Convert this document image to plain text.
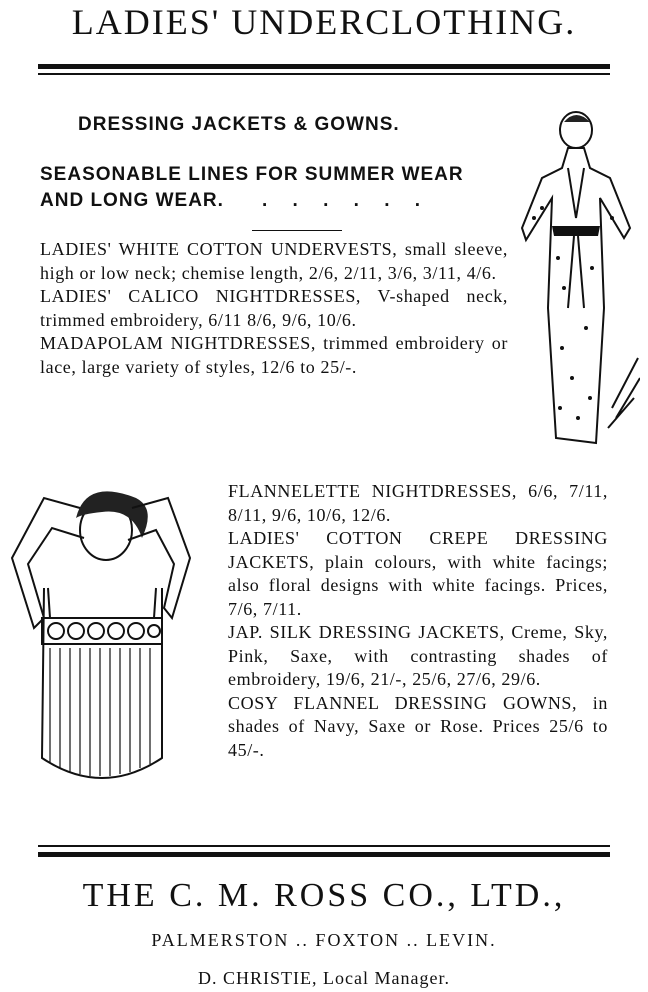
LADIES' UNDERCLOTHING.
DRESSING JACKETS & GOWNS.
SEASONABLE LINES FOR SUMMER WEAR
AND LONG WEAR. . . . . . .
LADIES' WHITE COTTON UNDERVESTS, small sleeve, high or low neck; chemise length, 2/6, 2/11, 3/6, 3/11, 4/6.
LADIES' CALICO NIGHTDRESSES, V-shaped neck, trimmed embroidery, 6/11 8/6, 9/6, 10/6.
MADAPOLAM NIGHTDRESSES, trimmed embroidery or lace, large variety of styles, 12/6 to 25/-.
FLANNELETTE NIGHTDRESSES, 6/6, 7/11, 8/11, 9/6, 10/6, 12/6.
LADIES' COTTON CREPE DRESSING JACKETS, plain colours, with white facings; also floral designs with white facings. Prices, 7/6, 7/11.
JAP. SILK DRESSING JACKETS, Creme, Sky, Pink, Saxe, with contrasting shades of embroidery, 19/6, 21/-, 25/6, 27/6, 29/6.
COSY FLANNEL DRESSING GOWNS, in shades of Navy, Saxe or Rose. Prices 25/6 to 45/-.
THE C. M. ROSS CO., LTD.,
PALMERSTON .. FOXTON .. LEVIN.
D. CHRISTIE, Local Manager.
